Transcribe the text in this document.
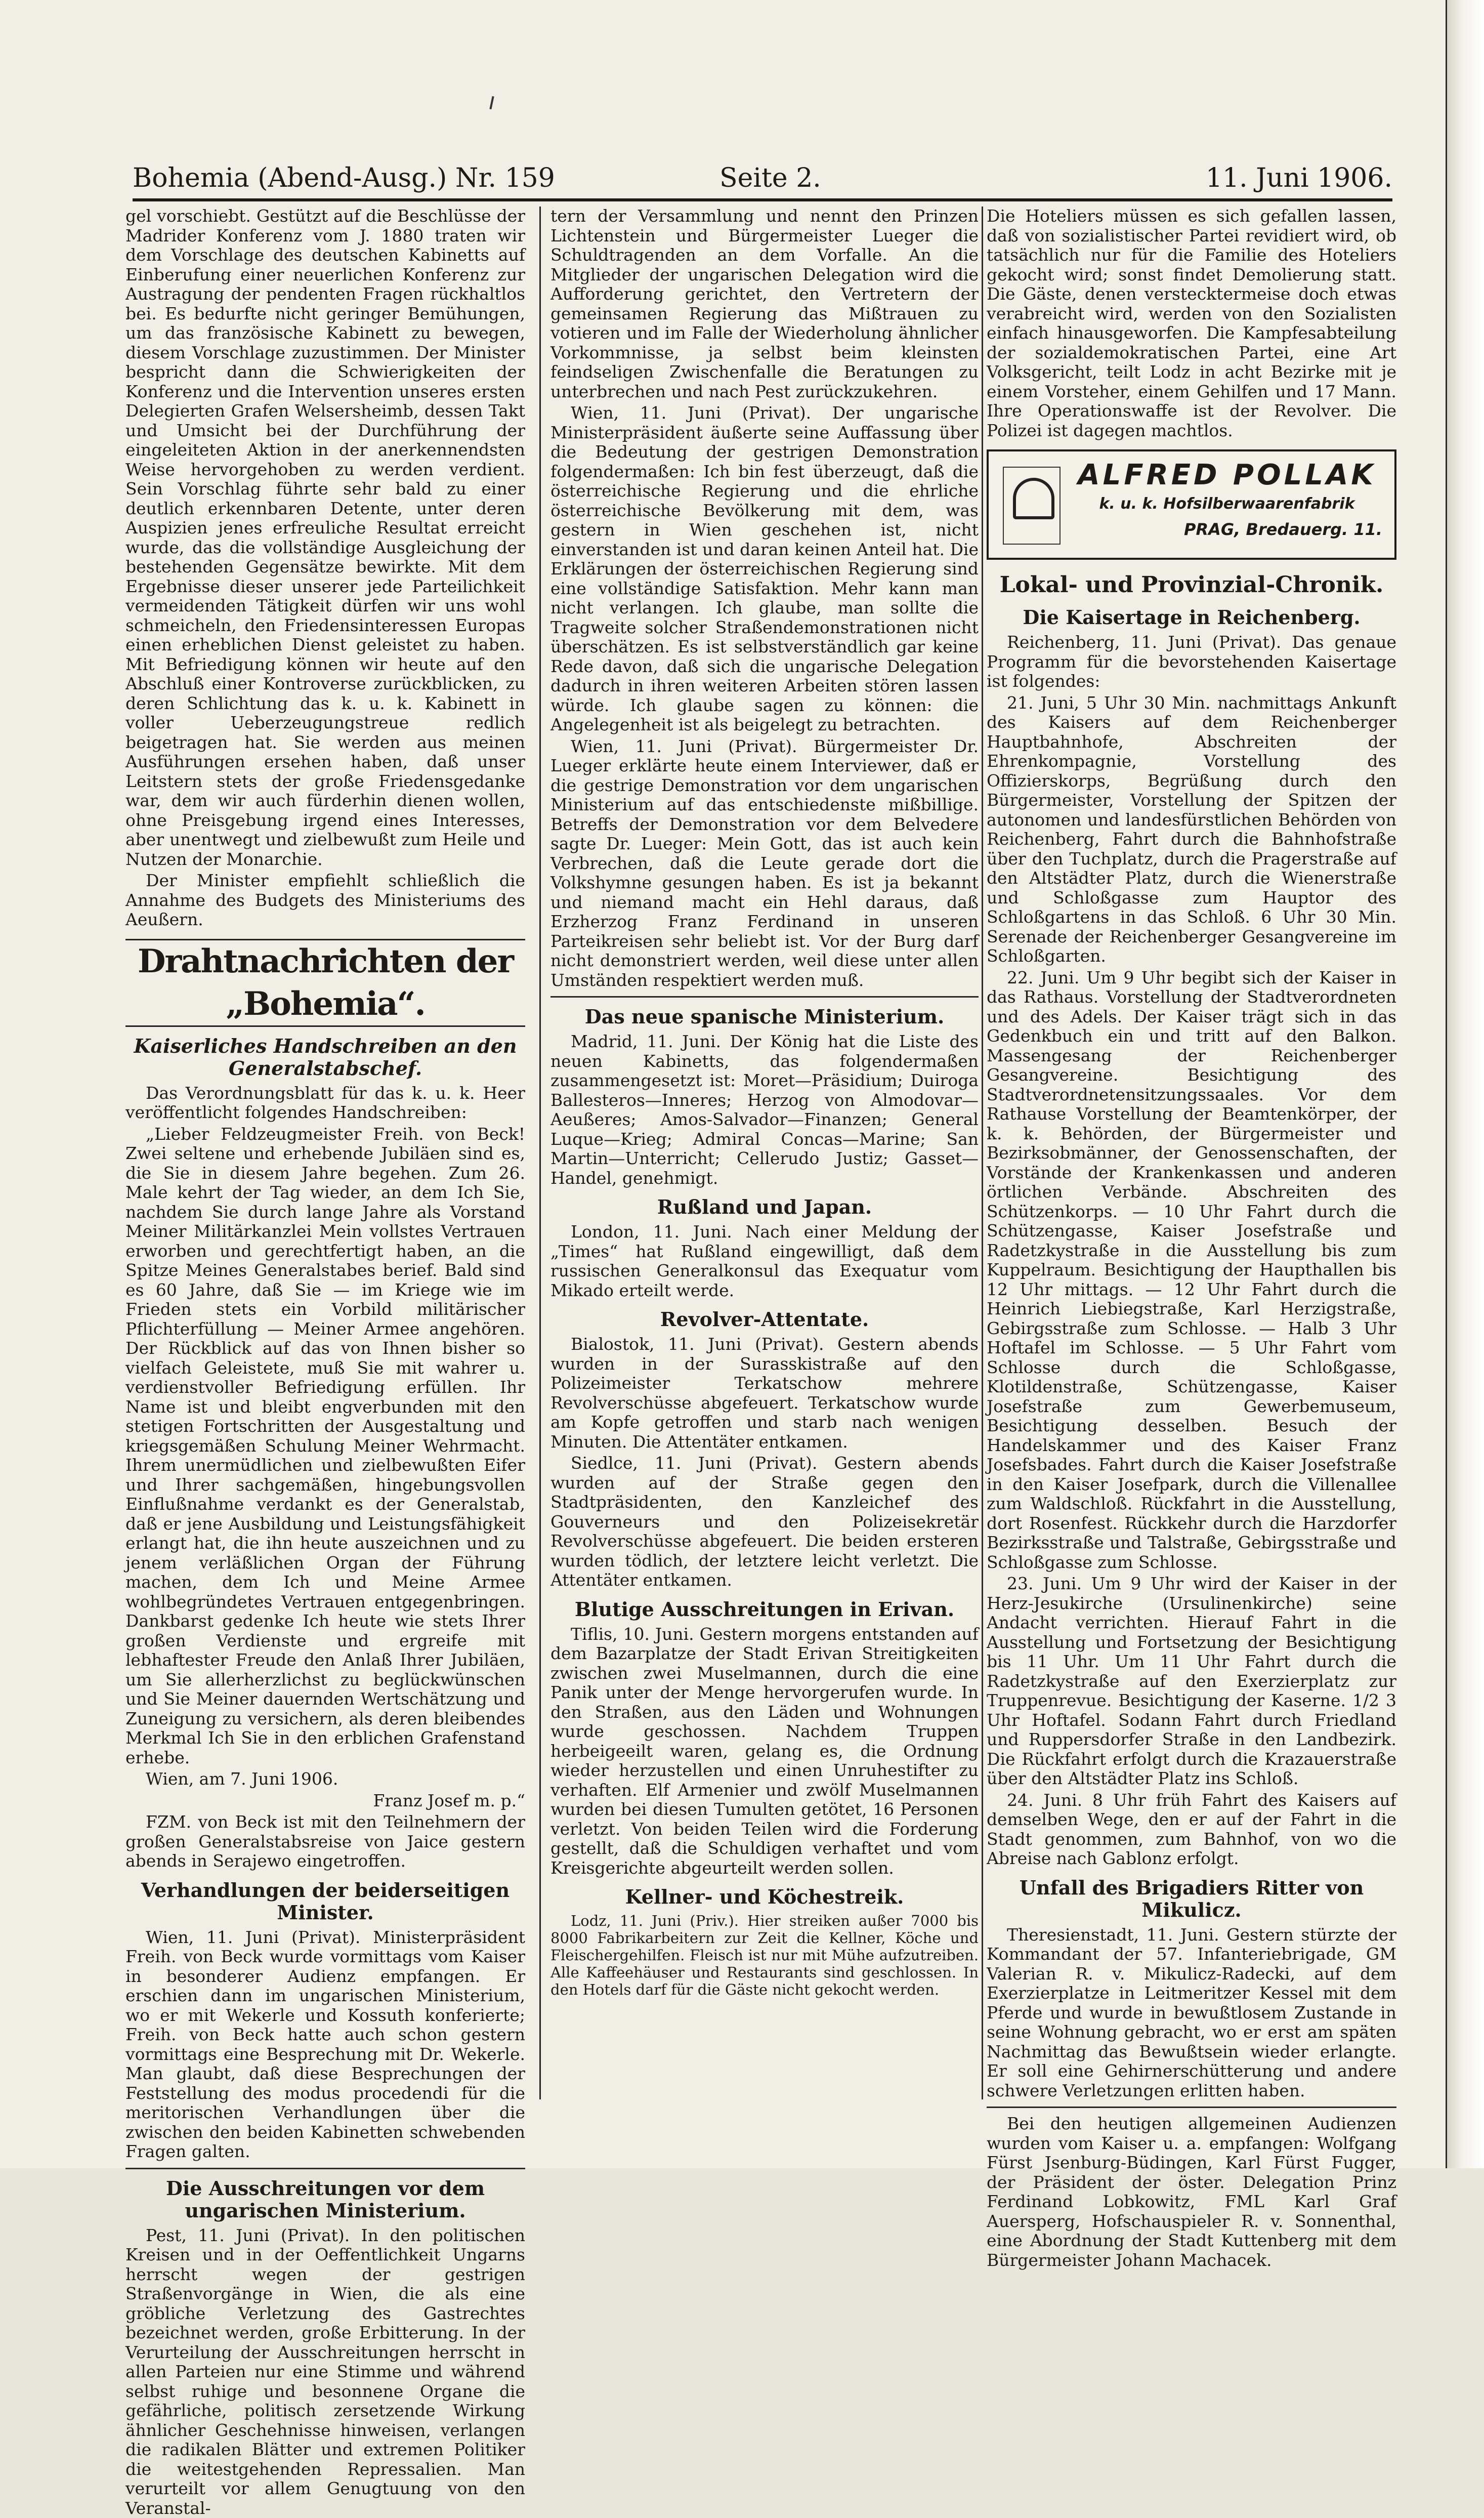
Bohemia (Abend-Ausg.) Nr. 159	Seite 2.	11. Juni 1906.

gel vorschiebt. Gestützt auf die Beschlüsse der Madrider Konferenz vom J. 1880 traten wir dem Vorschlage des deutschen Kabinetts auf Einberufung einer neuerlichen Konferenz zur Austragung der pendenten Fragen rückhaltlos bei. Es bedurfte nicht geringer Bemühungen, um das französische Kabinett zu bewegen, diesem Vorschlage zuzustimmen. Der Minister bespricht dann die Schwierigkeiten der Konferenz und die Intervention unseres ersten Delegierten Grafen Welsersheimb, dessen Takt und Umsicht bei der Durchführung der eingeleiteten Aktion in der anerkennendsten Weise hervorgehoben zu werden verdient. Sein Vorschlag führte sehr bald zu einer deutlich erkennbaren Detente, unter deren Auspizien jenes erfreuliche Resultat erreicht wurde, das die vollständige Ausgleichung der bestehenden Gegensätze bewirkte. Mit dem Ergebnisse dieser unserer jede Parteilichkeit vermeidenden Tätigkeit dürfen wir uns wohl schmeicheln, den Friedensinteressen Europas einen erheblichen Dienst geleistet zu haben. Mit Befriedigung können wir heute auf den Abschluß einer Kontroverse zurückblicken, zu deren Schlichtung das k. u. k. Kabinett in voller Ueberzeugungstreue redlich beigetragen hat. Sie werden aus meinen Ausführungen ersehen haben, daß unser Leitstern stets der große Friedensgedanke war, dem wir auch fürderhin dienen wollen, ohne Preisgebung irgend eines Interesses, aber unentwegt und zielbewußt zum Heile und Nutzen der Monarchie.

Der Minister empfiehlt schließlich die Annahme des Budgets des Ministeriums des Aeußern.

Drahtnachrichten der „Bohemia“.
Kaiserliches Handschreiben an den Generalstabschef.

Das Verordnungsblatt für das k. u. k. Heer veröffentlicht folgendes Handschreiben:

„Lieber Feldzeugmeister Freih. von Beck! Zwei seltene und erhebende Jubiläen sind es, die Sie in diesem Jahre begehen. Zum 26. Male kehrt der Tag wieder, an dem Ich Sie, nachdem Sie durch lange Jahre als Vorstand Meiner Militärkanzlei Mein vollstes Vertrauen erworben und gerechtfertigt haben, an die Spitze Meines Generalstabes berief. Bald sind es 60 Jahre, daß Sie — im Kriege wie im Frieden stets ein Vorbild militärischer Pflichterfüllung — Meiner Armee angehören. Der Rückblick auf das von Ihnen bisher so vielfach Geleistete, muß Sie mit wahrer u. verdienstvoller Befriedigung erfüllen. Ihr Name ist und bleibt engverbunden mit den stetigen Fortschritten der Ausgestaltung und kriegsgemäßen Schulung Meiner Wehrmacht. Ihrem unermüdlichen und zielbewußten Eifer und Ihrer sachgemäßen, hingebungsvollen Einflußnahme verdankt es der Generalstab, daß er jene Ausbildung und Leistungsfähigkeit erlangt hat, die ihn heute auszeichnen und zu jenem verläßlichen Organ der Führung machen, dem Ich und Meine Armee wohlbegründetes Vertrauen entgegenbringen. Dankbarst gedenke Ich heute wie stets Ihrer großen Verdienste und ergreife mit lebhaftester Freude den Anlaß Ihrer Jubiläen, um Sie allerherzlichst zu beglückwünschen und Sie Meiner dauernden Wertschätzung und Zuneigung zu versichern, als deren bleibendes Merkmal Ich Sie in den erblichen Grafenstand erhebe.

Wien, am 7. Juni 1906.

Franz Josef m. p.“

FZM. von Beck ist mit den Teilnehmern der großen Generalstabsreise von Jaice gestern abends in Serajewo eingetroffen.

Verhandlungen der beiderseitigen Minister.

Wien, 11. Juni (Privat). Ministerpräsident Freih. von Beck wurde vormittags vom Kaiser in besonderer Audienz empfangen. Er erschien dann im ungarischen Ministerium, wo er mit Wekerle und Kossuth konferierte; Freih. von Beck hatte auch schon gestern vormittags eine Besprechung mit Dr. Wekerle. Man glaubt, daß diese Besprechungen der Feststellung des modus procedendi für die meritorischen Verhandlungen über die zwischen den beiden Kabinetten schwebenden Fragen galten.

Die Ausschreitungen vor dem ungarischen Ministerium.

Pest, 11. Juni (Privat). In den politischen Kreisen und in der Oeffentlichkeit Ungarns herrscht wegen der gestrigen Straßenvorgänge in Wien, die als eine gröbliche Verletzung des Gastrechtes bezeichnet werden, große Erbitterung. In der Verurteilung der Ausschreitungen herrscht in allen Parteien nur eine Stimme und während selbst ruhige und besonnene Organe die gefährliche, politisch zersetzende Wirkung ähnlicher Geschehnisse hinweisen, verlangen die radikalen Blätter und extremen Politiker die weitestgehenden Repressalien. Man verurteilt vor allem Genugtuung von den Veranstal-

tern der Versammlung und nennt den Prinzen Lichtenstein und Bürgermeister Lueger die Schuldtragenden an dem Vorfalle. An die Mitglieder der ungarischen Delegation wird die Aufforderung gerichtet, den Vertretern der gemeinsamen Regierung das Mißtrauen zu votieren und im Falle der Wiederholung ähnlicher Vorkommnisse, ja selbst beim kleinsten feindseligen Zwischenfalle die Beratungen zu unterbrechen und nach Pest zurückzukehren.

Wien, 11. Juni (Privat). Der ungarische Ministerpräsident äußerte seine Auffassung über die Bedeutung der gestrigen Demonstration folgendermaßen: Ich bin fest überzeugt, daß die österreichische Regierung und die ehrliche österreichische Bevölkerung mit dem, was gestern in Wien geschehen ist, nicht einverstanden ist und daran keinen Anteil hat. Die Erklärungen der österreichischen Regierung sind eine vollständige Satisfaktion. Mehr kann man nicht verlangen. Ich glaube, man sollte die Tragweite solcher Straßendemonstrationen nicht überschätzen. Es ist selbstverständlich gar keine Rede davon, daß sich die ungarische Delegation dadurch in ihren weiteren Arbeiten stören lassen würde. Ich glaube sagen zu können: die Angelegenheit ist als beigelegt zu betrachten.

Wien, 11. Juni (Privat). Bürgermeister Dr. Lueger erklärte heute einem Interviewer, daß er die gestrige Demonstration vor dem ungarischen Ministerium auf das entschiedenste mißbillige. Betreffs der Demonstration vor dem Belvedere sagte Dr. Lueger: Mein Gott, das ist auch kein Verbrechen, daß die Leute gerade dort die Volkshymne gesungen haben. Es ist ja bekannt und niemand macht ein Hehl daraus, daß Erzherzog Franz Ferdinand in unseren Parteikreisen sehr beliebt ist. Vor der Burg darf nicht demonstriert werden, weil diese unter allen Umständen respektiert werden muß.

Das neue spanische Ministerium.

Madrid, 11. Juni. Der König hat die Liste des neuen Kabinetts, das folgendermaßen zusammengesetzt ist: Moret—Präsidium; Duiroga Ballesteros—Inneres; Herzog von Almodovar—Aeußeres; Amos-Salvador—Finanzen; General Luque—Krieg; Admiral Concas—Marine; San Martin—Unterricht; Cellerudo Justiz; Gasset—Handel, genehmigt.

Rußland und Japan.

London, 11. Juni. Nach einer Meldung der „Times“ hat Rußland eingewilligt, daß dem russischen Generalkonsul das Exequatur vom Mikado erteilt werde.

Revolver-Attentate.

Bialostok, 11. Juni (Privat). Gestern abends wurden in der Surasskistraße auf den Polizeimeister Terkatschow mehrere Revolverschüsse abgefeuert. Terkatschow wurde am Kopfe getroffen und starb nach wenigen Minuten. Die Attentäter entkamen.

Siedlce, 11. Juni (Privat). Gestern abends wurden auf der Straße gegen den Stadtpräsidenten, den Kanzleichef des Gouverneurs und den Polizeisekretär Revolverschüsse abgefeuert. Die beiden ersteren wurden tödlich, der letztere leicht verletzt. Die Attentäter entkamen.

Blutige Ausschreitungen in Erivan.

Tiflis, 10. Juni. Gestern morgens entstanden auf dem Bazarplatze der Stadt Erivan Streitigkeiten zwischen zwei Muselmannen, durch die eine Panik unter der Menge hervorgerufen wurde. In den Straßen, aus den Läden und Wohnungen wurde geschossen. Nachdem Truppen herbeigeeilt waren, gelang es, die Ordnung wieder herzustellen und einen Unruhestifter zu verhaften. Elf Armenier und zwölf Muselmannen wurden bei diesen Tumulten getötet, 16 Personen verletzt. Von beiden Teilen wird die Forderung gestellt, daß die Schuldigen verhaftet und vom Kreisgerichte abgeurteilt werden sollen.

Kellner- und Köchestreik.

Lodz, 11. Juni (Priv.). Hier streiken außer 7000 bis 8000 Fabrikarbeitern zur Zeit die Kellner, Köche und Fleischergehilfen. Fleisch ist nur mit Mühe aufzutreiben. Alle Kaffeehäuser und Restaurants sind geschlossen. In den Hotels darf für die Gäste nicht gekocht werden.

Die Hoteliers müssen es sich gefallen lassen, daß von sozialistischer Partei revidiert wird, ob tatsächlich nur für die Familie des Hoteliers gekocht wird; sonst findet Demolierung statt. Die Gäste, denen verstecktermeise doch etwas verabreicht wird, werden von den Sozialisten einfach hinausgeworfen. Die Kampfesabteilung der sozialdemokratischen Partei, eine Art Volksgericht, teilt Lodz in acht Bezirke mit je einem Vorsteher, einem Gehilfen und 17 Mann. Ihre Operationswaffe ist der Revolver. Die Polizei ist dagegen machtlos.

ALFRED POLLAK
k. u. k. Hofsilberwaarenfabrik
PRAG, Bredauerg. 11.
Lokal- und Provinzial-Chronik.
Die Kaisertage in Reichenberg.

Reichenberg, 11. Juni (Privat). Das genaue Programm für die bevorstehenden Kaisertage ist folgendes:

21. Juni, 5 Uhr 30 Min. nachmittags Ankunft des Kaisers auf dem Reichenberger Hauptbahnhofe, Abschreiten der Ehrenkompagnie, Vorstellung des Offizierskorps, Begrüßung durch den Bürgermeister, Vorstellung der Spitzen der autonomen und landesfürstlichen Behörden von Reichenberg, Fahrt durch die Bahnhofstraße über den Tuchplatz, durch die Pragerstraße auf den Altstädter Platz, durch die Wienerstraße und Schloßgasse zum Hauptor des Schloßgartens in das Schloß. 6 Uhr 30 Min. Serenade der Reichenberger Gesangvereine im Schloßgarten.

22. Juni. Um 9 Uhr begibt sich der Kaiser in das Rathaus. Vorstellung der Stadtverordneten und des Adels. Der Kaiser trägt sich in das Gedenkbuch ein und tritt auf den Balkon. Massengesang der Reichenberger Gesangvereine. Besichtigung des Stadtverordnetensitzungssaales. Vor dem Rathause Vorstellung der Beamtenkörper, der k. k. Behörden, der Bürgermeister und Bezirksobmänner, der Genossenschaften, der Vorstände der Krankenkassen und anderen örtlichen Verbände. Abschreiten des Schützenkorps. — 10 Uhr Fahrt durch die Schützengasse, Kaiser Josefstraße und Radetzkystraße in die Ausstellung bis zum Kuppelraum. Besichtigung der Haupthallen bis 12 Uhr mittags. — 12 Uhr Fahrt durch die Heinrich Liebiegstraße, Karl Herzigstraße, Gebirgsstraße zum Schlosse. — Halb 3 Uhr Hoftafel im Schlosse. — 5 Uhr Fahrt vom Schlosse durch die Schloßgasse, Klotildenstraße, Schützengasse, Kaiser Josefstraße zum Gewerbemuseum, Besichtigung desselben. Besuch der Handelskammer und des Kaiser Franz Josefsbades. Fahrt durch die Kaiser Josefstraße in den Kaiser Josefpark, durch die Villenallee zum Waldschloß. Rückfahrt in die Ausstellung, dort Rosenfest. Rückkehr durch die Harzdorfer Bezirksstraße und Talstraße, Gebirgsstraße und Schloßgasse zum Schlosse.

23. Juni. Um 9 Uhr wird der Kaiser in der Herz-Jesukirche (Ursulinenkirche) seine Andacht verrichten. Hierauf Fahrt in die Ausstellung und Fortsetzung der Besichtigung bis 11 Uhr. Um 11 Uhr Fahrt durch die Radetzkystraße auf den Exerzierplatz zur Truppenrevue. Besichtigung der Kaserne. 1/2 3 Uhr Hoftafel. Sodann Fahrt durch Friedland und Ruppersdorfer Straße in den Landbezirk. Die Rückfahrt erfolgt durch die Krazauerstraße über den Altstädter Platz ins Schloß.

24. Juni. 8 Uhr früh Fahrt des Kaisers auf demselben Wege, den er auf der Fahrt in die Stadt genommen, zum Bahnhof, von wo die Abreise nach Gablonz erfolgt.

Unfall des Brigadiers Ritter von Mikulicz.

Theresienstadt, 11. Juni. Gestern stürzte der Kommandant der 57. Infanteriebrigade, GM Valerian R. v. Mikulicz-Radecki, auf dem Exerzierplatze in Leitmeritzer Kessel mit dem Pferde und wurde in bewußtlosem Zustande in seine Wohnung gebracht, wo er erst am späten Nachmittag das Bewußtsein wieder erlangte. Er soll eine Gehirnerschütterung und andere schwere Verletzungen erlitten haben.

Bei den heutigen allgemeinen Audienzen wurden vom Kaiser u. a. empfangen: Wolfgang Fürst Jsenburg-Büdingen, Karl Fürst Fugger, der Präsident der öster. Delegation Prinz Ferdinand Lobkowitz, FML Karl Graf Auersperg, Hofschauspieler R. v. Sonnenthal, eine Abordnung der Stadt Kuttenberg mit dem Bürgermeister Johann Machacek.
